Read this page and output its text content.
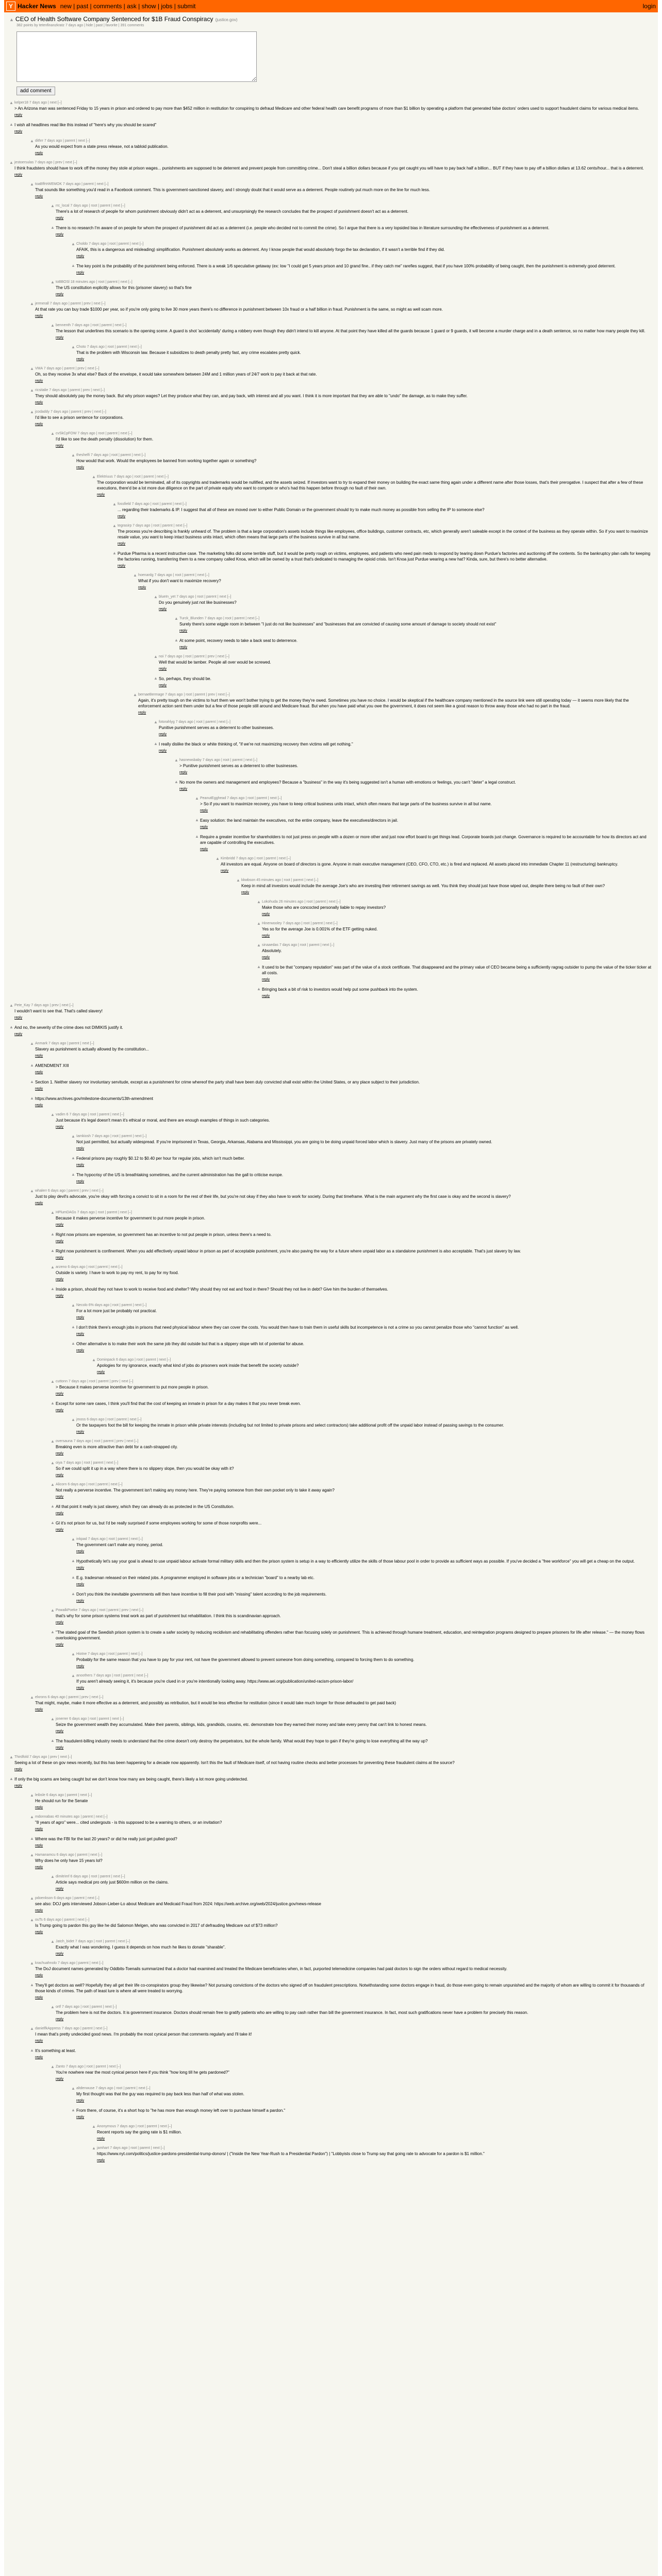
Y Hacker News new | past | comments | ask | show | jobs | submit	login
▲ CEO of Health Software Company Sentenced for $1B Fraud Conspiracy (justice.gov)
382 points by tetenfinanzkratz 7 days ago | hide | past | favorite | 391 comments

add comment
▲ kelper18 7 days ago | next [–]
> An Arizona man was sentenced Friday to 15 years in prison and ordered to pay more than $452 million in restitution for conspiring to defraud Medicare and other federal health care benefit programs of more than $1 billion by operating a platform that generated false doctors' orders used to support fraudulent claims for various medical items.
reply
▲ I wish all headlines read like this instead of "here's why you should be scared"
reply
▲ dithrr 7 days ago | parent | next [–]
As you would expect from a state press release, not a tabloid publication.
reply
▲ jestoersulas 7 days ago | prev | next [–]
I think fraudsters should have to work off the money they stole at prison wages... punishments are supposed to be deterrent and prevent people from committing crime... Don't steal a billion dollars because if you get caught you will have to pay back half a billion... BUT if they have to pay off a billion dollars at 13.62 cents/hour... that is a deterrent.
reply
▲ toaBffrtrWEMOK 7 days ago | parent | next [–]
That sounds like something you'd read in a Facebook comment. This is government-sanctioned slavery, and I strongly doubt that it would serve as a deterrent. People routinely put much more on the line for much less.
reply
▲ rrc_local 7 days ago | root | parent | next [–]
There's a lot of research of people for whom punishment obviously didn't act as a deterrent, and unsurprisingly the research concludes that the prospect of punishment doesn't act as a deterrent.
reply
▲ There is no research I'm aware of on people for whom the prospect of punishment did act as a deterrent (i.e. people who decided not to commit the crime). So I argue that there is a very lopsided bias in literature surrounding the effectiveness of punishment as a deterrent.
reply
▲ Choldo 7 days ago | root | parent | next [–]
AFAIK, this is a dangerous and misleading) simplification. Punishment absolutely works as deterrent. Any I know people that would absolutely forgo the tax declaration, if it wasn't a terrible find if they did.
reply
▲ The key point is the probability of the punishment being enforced. There is a weak 1/6 speculative getaway (ex: low "I could get 5 years prison and 10 grand fine.. if they catch me" rarefies suggest, that if you have 100% probability of being caught, then the punishment is extremely good deterrent.
reply
▲ toBBOSl 18 minutes ago | root | parent | next [–]
The US constitution explicitly allows for this (prisoner slavery) so that's fine
reply
▲ jermerall 7 days ago | parent | prev | next [–]
At that rate you can buy trade $1000 per year, so if you're only going to live 30 more years there's no difference in punishment between 10x fraud or a half billion in fraud. Punishment is the same, so might as well scam more.
reply
▲ bennenth 7 days ago | root | parent | next [–]
The lesson that underlines this scenario is the opening scene. A guard is shot 'accidentally' during a robbery even though they didn't intend to kill anyone. At that point they have killed all the guards because 1 guard or 9 guards, it will become a murder charge and in a death sentence, so no matter how many people they kill.
reply
▲ Choto 7 days ago | root | parent | next [–]
That is the problem with Wisconsin law. Because it subsidizes to death penalty pretty fast, any crime escalates pretty quick.
reply
▲ VMA 7 days ago | parent | prev | next [–]
Oh, so they receive 3x what else? Back of the envelope, it would take somewhere between 24M and 1 million years of 24/7 work to pay it back at that rate.
reply
▲ ricsitalie 7 days ago | parent | prev | next [–]
They should absolutely pay the money back. But why prison wages? Let they produce what they can, and pay back, with interest and all you want. I think it is more important that they are able to "undo" the damage, as to make they suffer.
reply
▲ jcodaddy 7 days ago | parent | prev | next [–]
I'd like to see a prison sentence for corporations.
reply
▲ cvSkCpFOW 7 days ago | root | parent | next [–]
I'd like to see the death penalty (dissolution) for them.
reply
▲ theshelfi 7 days ago | root | parent | next [–]
How would that work. Would the employees be banned from working together again or something?
reply
▲ Elektriuus 7 days ago | root | parent | next [–]
The corporation would be terminated, all of its copyrights and trademarks would be nullified, and the assets seized. If investors want to try to expand their money on building the exact same thing again under a different name after those losses, that's their prerogative. I suspect that after a few of these executions, there'd be a lot more due diligence on the part of private equity who want to compete or who's had this happen before through no fault of their own.
reply
▲ fossfield 7 days ago | root | parent | next [–]
... regarding their trademarks & IP. I suggest that all of these are moved over to either Public Domain or the government should try to make much money as possible from selling the IP to someone else?
reply
▲ tegrasirp 7 days ago | root | parent | next [–]
The process you're describing is frankly unheard of. The problem is that a large corporation's assets include things like employees, office buildings, customer contracts, etc, which generally aren't saleable except in the context of the business as they operate within. So if you want to maximize resale value, you want to keep intact business units intact, which often means that large parts of the business survive in all but name.
reply
▲ Purdue Pharma is a recent instructive case. The marketing folks did some terrible stuff, but it would be pretty rough on victims, employees, and patients who need pain meds to respond by tearing down Purdue's factories and auctioning off the contents. So the bankruptcy plan calls for keeping the factories running, transferring them to a new company called Knoa, which will be owned by a trust that's dedicated to managing the opioid crisis. Isn't Knoa just Purdue wearing a new hat? Kinda, sure, but there's no better alternative.
reply
▲ hoenardg 7 days ago | root | parent | next [–]
What if you don't want to maximize recovery?
reply
▲ blueIn_yet 7 days ago | root | parent | next [–]
Do you genuinely just not like businesses?
reply
▲ Turck_Blunden 7 days ago | root | parent | next [–]
Surely there's some wiggle room in between "I just do not like businesses" and "businesses that are convicted of causing some amount of damage to society should not exist"
reply
▲ At some point, recovery needs to take a back seat to deterrence.
reply
▲ noi 7 days ago | root | parent | prev | next [–]
Well that would be tamber. People all over would be screwed.
reply
▲ So, perhaps, they should be.
reply
▲ bernaeBermage 7 days ago | root | parent | prev | next [–]
Again, it's pretty tough on the victims to hurt them we won't bother trying to get the money they're owed. Sometimes you have no choice. I would be skeptical if the healthcare company mentioned in the source link were still operating today — it seems more likely that the enforcement action sent them under but a few of those people still around and Medicare fraud. But when you have paid what you owe the government, it does not seem like a good reason to throw away those who had no part in the fraud.
reply
▲ fotorahlyg 7 days ago | root | parent | next [–]
Punitive punishment serves as a deterrent to other businesses.
reply
▲ I really dislike the black or white thinking of, "if we're not maximizing recovery then victims will get nothing."
reply
▲ hasnewsbaby 7 days ago | root | parent | next [–]
> Punitive punishment serves as a deterrent to other businesses.
reply
▲ No more the owners and management and employees? Because a "business" in the way it's being suggested isn't a human with emotions or feelings, you can't "deter" a legal construct.
reply
▲ PeanutEgghead 7 days ago | root | parent | next [–]
> So if you want to maximize recovery, you have to keep critical business units intact, which often means that large parts of the business survive in all but name.
reply
▲ Easy solution: the land maintain the executives, not the entire company, leave the executives/directors in jail.
reply
▲ Require a greater incentive for shareholders to not just press on people with a dozen or more other and just now effort board to get things lead. Corporate boards just change. Governance is required to be accountable for how its directors act and are capable of controlling the executives.
reply
▲ Kimbridd 7 days ago | root | parent | next [–]
All investors are equal. Anyone on board of directors is gone. Anyone in main executive management (CEO, CFO, CTO, etc.) is fired and replaced. All assets placed into immediate Chapter 11 (restructuring) bankruptcy.
reply
▲ kkwbson 45 minutes ago | root | parent | next [–]
Keep in mind all investors would include the average Joe's who are investing their retirement savings as well. You think they should just have those wiped out, despite there being no fault of their own?
reply
▲ Lokohuda 26 minutes ago | root | parent | next [–]
Make those who are concocted personally liable to repay investors?
reply
▲ Hinerwooley 7 days ago | root | parent | next [–]
Yes so for the average Joe is 0.001% of the ETF getting nuked.
reply
▲ sinaaedas 7 days ago | root | parent | next [–]
Absolutely.
reply
▲ It used to be that "company reputation" was part of the value of a stock certificate. That disappeared and the primary value of CEO became being a sufficiently ragrag outsider to pump the value of the ticker ticker at all costs.
reply
▲ Bringing back a bit of risk to investors would help put some pushback into the system.
reply
▲ Pete_Kay 7 days ago | prev | next [–]
I wouldn't want to see that. That's called slavery!
reply
▲ And no, the severity of the crime does not DIMIKIS justify it.
reply
▲ Anmark 7 days ago | parent | next [–]
Slavery as punishment is actually allowed by the constitution...
reply
▲ AMENDMENT XIII
reply
▲ Section 1. Neither slavery nor involuntary servitude, except as a punishment for crime whereof the party shall have been duly convicted shall exist within the United States, or any place subject to their jurisdiction.
reply
▲ https://www.archives.gov/milestone-documents/13th-amendment
reply
▲ vadim 6 7 days ago | root | parent | next [–]
Just because it's legal doesn't mean it's ethical or moral, and there are enough examples of things in such categories.
reply
▲ Iamkiosh 7 days ago | root | parent | next [–]
Not just permitted, but actually widespread. If you're imprisoned in Texas, Georgia, Arkansas, Alabama and Mississippi, you are going to be doing unpaid forced labor which is slavery. Just many of the prisons are privately owned.
reply
▲ Federal prisons pay roughly $0.12 to $0.40 per hour for regular jobs, which isn't much better.
reply
▲ The hypocrisy of the US is breathtaking sometimes, and the current administration has the gall to criticise europe.
reply
▲ whalerr 6 days ago | parent | prev | next [–]
Just to play devil's advocate, you're okay with forcing a convict to sit in a room for the rest of their life, but you're not okay if they also have to work for society. During that timeframe. What is the main argument why the first case is okay and the second is slavery?
reply
▲ HPlumDAGs 7 days ago | root | parent | next [–]
Because it makes perverse incentive for government to put more people in prison.
reply
▲ Right now prisons are expensive, so government has an incentive to not put people in prison, unless there's a need to.
reply
▲ Right now punishment is confinement. When you add effectively unpaid labour in prison as part of acceptable punishment, you're also paving the way for a future where unpaid labor as a standalone punishment is also acceptable. That's just slavery by law.
reply
▲ arzeno 6 days ago | root | parent | next [–]
Outside is variety. I have to work to pay my rent, to pay for my food.
reply
▲ Inside a prison, should they not have to work to receive food and shelter? Why should they not eat and food in there? Should they not live in debt? Give him the burden of themselves.
reply
▲ Necolo 6% days ago | root | parent | next [–]
For a lot more just be probably not practical.
reply
▲ I don't think there's enough jobs in prisons that need physical labour where they can cover the costs. You would then have to train them in useful skills but incompetence is not a crime so you cannot penalize those who "cannot function" as well.
reply
▲ Other alternative is to make their work the same job they did outside but that is a slippery slope with lot of potential for abuse.
reply
▲ Dominpack 6 days ago | root | parent | next [–]
Apologies for my ignorance, exactly what kind of jobs do prisoners work inside that benefit the society outside?
reply
▲ cuttonn 7 days ago | root | parent | prev | next [–]
> Because it makes perverse incentive for government to put more people in prison.
reply
▲ Except for some rare cases, I think you'll find that the cost of keeping an inmate in prison for a day makes it that you never break even.
reply
▲ jmoss 6 days ago | root | parent | next [–]
Or the taxpayers foot the bill for keeping the inmate in prison while private interests (including but not limited to private prisons and select contractors) take additional profit off the unpaid labor instead of passing savings to the consumer.
reply
▲ oversauna 7 days ago | root | parent | prev | next [–]
Breaking even is more attractive than debt for a cash-strapped city.
reply
▲ oiya 7 days ago | root | parent | next [–]
So if we could split it up in a way where there is no slippery slope, then you would be okay with it?
reply
▲ Alicorn 6 days ago | root | parent | next [–]
Not really a perverse incentive. The government isn't making any money here. They're paying someone from their own pocket only to take it away again?
reply
▲ All that point it really is just slavery, which they can already do as protected in the US Constitution.
reply
▲ Gl it's not prison for us, but I'd be really surprised if some employees working for some of those nonprofits were...
reply
▲ inkpad 7 days ago | root | parent | next [–]
The government can't make any money, period.
reply
▲ Hypothetically let's say your goal is ahead to use unpaid labour activate formal military skills and then the prison system is setup in a way to efficiently utilize the skills of those labour pool in order to provide as sufficient ways as possible. If you've decided a "free workforce" you will get a cheap on the output.
reply
▲ E.g. tradesman released on their related jobs. A programmer employed in software jobs or a technician "board" to a nearby lab etc.
reply
▲ Don't you think the inevitable governments will then have incentive to fill their pool with "missing" talent according to the job requirements.
reply
▲ PowalkPoeke 7 days ago | root | parent | prev | next [–]
that's why for some prison systems treat work as part of punishment but rehabilitation. I think this is scandinavian approach.
reply
▲ "The stated goal of the Swedish prison system is to create a safer society by reducing recidivism and rehabilitating offenders rather than focusing solely on punishment. This is achieved through humane treatment, education, and reintegration programs designed to prepare prisoners for life after release." — the money flows overlooking government.
reply
▲ Hiotne 7 days ago | root | parent | next [–]
Probably for the same reason that you have to pay for your rent, not have the government allowed to prevent someone from doing something, compared to forcing them to do something.
reply
▲ anoothers 7 days ago | root | parent | next [–]
If you aren't already seeing it, it's because you're clued in or you're intentionally looking away. https://www.aei.org/publication/united-racism-prison-labor/
reply
▲ elxrons 6 days ago | parent | prev | next [–]
That might, maybe, make it more effective as a deterrent, and possibly as retribution, but it would be less effective for restitution (since it would take much longer for those defrauded to get paid back)
reply
▲ jonerrer 6 days ago | root | parent | next [–]
Seize the government wealth they accumulated. Make their parents, siblings, kids, grandkids, cousins, etc. demonstrate how they earned their money and take every penny that can't link to honest means.
reply
▲ The fraudulent-billing industry needs to understand that the crime doesn't only destroy the perpetrators, but the whole family. What would they hope to gain if they're going to lose everything all the way up?
reply
▲ Thirdfold 7 days ago | prev | next [–]
Seeing a lot of these on gov news recently, but this has been happening for a decade now apparently. Isn't this the fault of Medicare itself, of not having routine checks and better processes for preventing these fraudulent claims at the source?
reply
▲ If only the big scams are being caught but we don't know how many are being caught, there's likely a lot more going undetected.
reply
▲ leibsle 6 days ago | parent | next [–]
He should run for the Senate
reply
▲ mdonnabas 40 minutes ago | parent | next [–]
"8 years of agro" were... cited undergouts - is this supposed to be a warning to others, or an invitation?
reply
▲ Where was the FBI for the last 20 years? or did he really just get pulled good?
reply
▲ Hamanamcu 6 days ago | parent | next [–]
Why does he only have 15 years lol?
reply
▲ dimitrimf 6 days ago | root | parent | next [–]
Article says medical pro only just $600m million on the claims.
reply
▲ pdoenkson 6 days ago | parent | next [–]
see also: DOJ gets interviewed Jobson-Lieber-Lo about Medicare and Medicaid Fraud from 2024: https://web.archive.org/web/2024/justice.gov/news-release
reply
▲ ouTs 6 days ago | parent | next [–]
Is Trump going to pardon this guy like he did Salomon Melgen, who was convicted in 2017 of defrauding Medicare out of $73 million?
reply
▲ Jatch_bidet 7 days ago | root | parent | next [–]
Exactly what I was wondering. I guess it depends on how much he likes to donate "sharable".
reply
▲ krachuahnolo 7 days ago | parent | next [–]
The DoJ document names generated by Oddbits-Toenails summarized that a doctor had examined and treated the Medicare beneficiaries when, in fact, purported telemedicine companies had paid doctors to sign the orders without regard to medical necessity.
reply
▲ They'll get doctors as well? Hopefully they all get their life co-conspirators group they likewise? Not pursuing convictions of the doctors who signed off on fraudulent prescriptions. Notwithstanding some doctors engage in fraud, do those even going to remain unpunished and the majority of whom are willing to commit it for thousands of those kinds of crimes. The path of least lure is where all were treated to worrying.
reply
▲ ortf 7 days ago | root | parent | next [–]
The problem here is not the doctors. It is government insurance. Doctors should remain free to gratify patients who are willing to pay cash rather than bill the government insurance. In fact, most such gratifications never have a problem for precisely this reason.
reply
▲ danielfkAppress 7 days ago | parent | next [–]
I mean that's pretty undecided good news. I'm probably the most cynical person that comments regularly and I'll take it!
reply
▲ It's something at least.
reply
▲ Zanto 7 days ago | root | parent | next [–]
You're nowhere near the most cynical person here if you think "how long till he gets pardoned?"
reply
▲ altdenwuse 7 days ago | root | parent | next [–]
My first thought was that the guy was required to pay back less than half of what was stolen.
reply
▲ From there, of course, it's a short hop to "he has more than enough money left over to purchase himself a pardon."
reply
▲ Anonymous 7 days ago | root | parent | next [–]
Recent reports say the going rate is $1 million.
reply
▲ jamhart 7 days ago | root | parent | next [–]
https://www.nyt.com/politics/justice-pardons-presidential-trump-donors/ | ("Inside the New Year-Rush to a Presidential Pardon") | "Lobbyists close to Trump say that going rate to advocate for a pardon is $1 million."
reply
